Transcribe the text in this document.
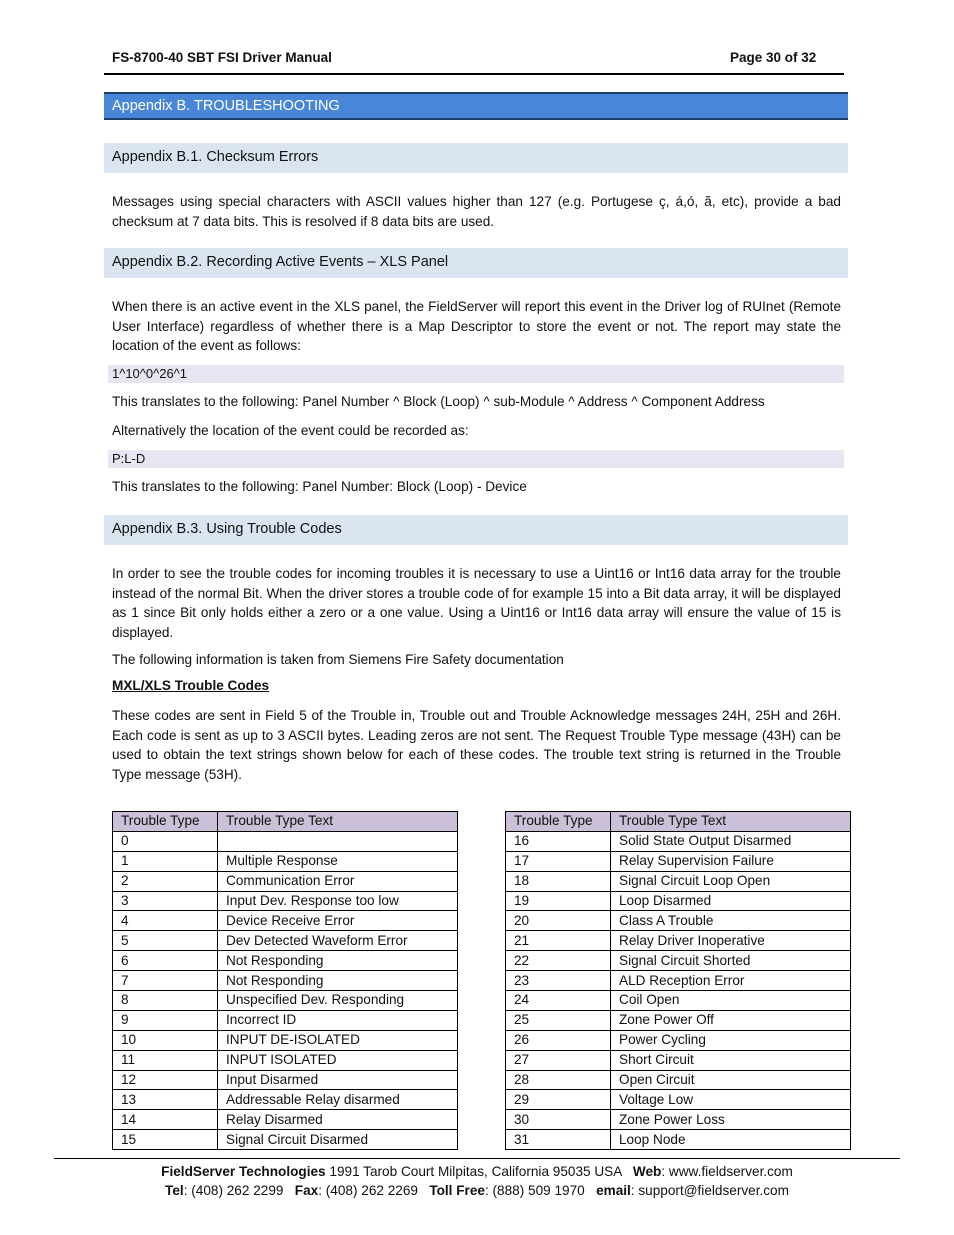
FS-8700-40 SBT FSI Driver Manual	Page 30 of 32
Appendix B. TROUBLESHOOTING
Appendix B.1. Checksum Errors

Messages using special characters with ASCII values higher than 127 (e.g. Portugese ç, á,ó, ã, etc), provide a bad checksum at 7 data bits. This is resolved if 8 data bits are used.

Appendix B.2. Recording Active Events – XLS Panel

When there is an active event in the XLS panel, the FieldServer will report this event in the Driver log of RUInet (Remote User Interface) regardless of whether there is a Map Descriptor to store the event or not. The report may state the location of the event as follows:

1^10^0^26^1

This translates to the following: Panel Number ^ Block (Loop) ^ sub-Module ^ Address ^ Component Address

Alternatively the location of the event could be recorded as:

P:L-D

This translates to the following: Panel Number: Block (Loop) - Device

Appendix B.3. Using Trouble Codes

In order to see the trouble codes for incoming troubles it is necessary to use a Uint16 or Int16 data array for the trouble instead of the normal Bit. When the driver stores a trouble code of for example 15 into a Bit data array, it will be displayed as 1 since Bit only holds either a zero or a one value. Using a Uint16 or Int16 data array will ensure the value of 15 is displayed.

The following information is taken from Siemens Fire Safety documentation

MXL/XLS Trouble Codes

These codes are sent in Field 5 of the Trouble in, Trouble out and Trouble Acknowledge messages 24H, 25H and 26H. Each code is sent as up to 3 ASCII bytes. Leading zeros are not sent. The Request Trouble Type message (43H) can be used to obtain the text strings shown below for each of these codes. The trouble text string is returned in the Trouble Type message (53H).

Trouble Type	Trouble Type Text
0	
1	Multiple Response
2	Communication Error
3	Input Dev. Response too low
4	Device Receive Error
5	Dev Detected Waveform Error
6	Not Responding
7	Not Responding
8	Unspecified Dev. Responding
9	Incorrect ID
10	INPUT DE-ISOLATED
11	INPUT ISOLATED
12	Input Disarmed
13	Addressable Relay disarmed
14	Relay Disarmed
15	Signal Circuit Disarmed
Trouble Type	Trouble Type Text
16	Solid State Output Disarmed
17	Relay Supervision Failure
18	Signal Circuit Loop Open
19	Loop Disarmed
20	Class A Trouble
21	Relay Driver Inoperative
22	Signal Circuit Shorted
23	ALD Reception Error
24	Coil Open
25	Zone Power Off
26	Power Cycling
27	Short Circuit
28	Open Circuit
29	Voltage Low
30	Zone Power Loss
31	Loop Node
FieldServer Technologies 1991 Tarob Court Milpitas, California 95035 USA   Web: www.fieldserver.com
Tel: (408) 262 2299   Fax: (408) 262 2269   Toll Free: (888) 509 1970   email: support@fieldserver.com
